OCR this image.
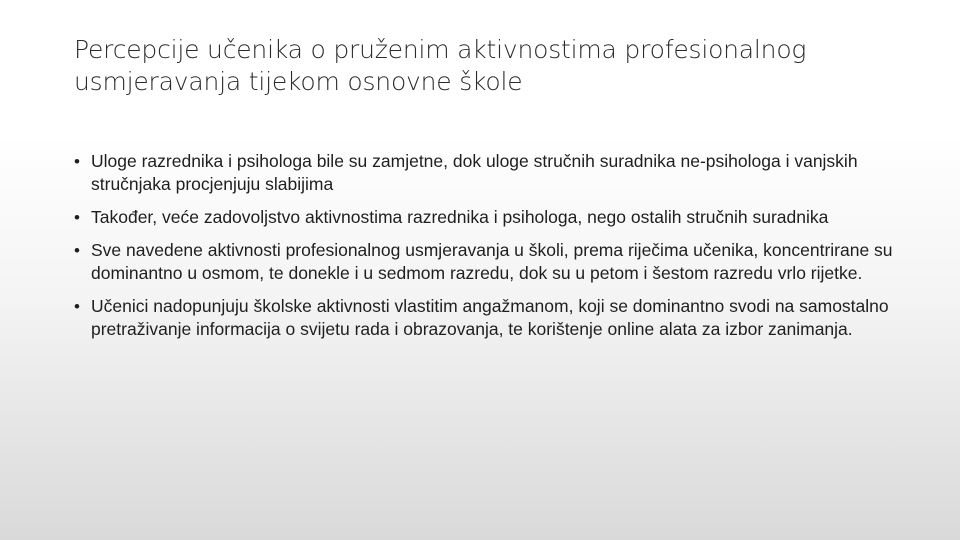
Percepcije učenika o pruženim aktivnostima profesionalnog usmjeravanja tijekom osnovne škole
• Uloge razrednika i psihologa bile su zamjetne, dok uloge stručnih suradnika ne-psihologa i vanjskih stručnjaka procjenjuju slabijima
• Također, veće zadovoljstvo aktivnostima razrednika i psihologa, nego ostalih stručnih suradnika
• Sve navedene aktivnosti profesionalnog usmjeravanja u školi, prema riječima učenika, koncentrirane su dominantno u osmom, te donekle i u sedmom razredu, dok su u petom i šestom razredu vrlo rijetke.
• Učenici nadopunjuju školske aktivnosti vlastitim angažmanom, koji se dominantno svodi na samostalno pretraživanje informacija o svijetu rada i obrazovanja, te korištenje online alata za izbor zanimanja.
